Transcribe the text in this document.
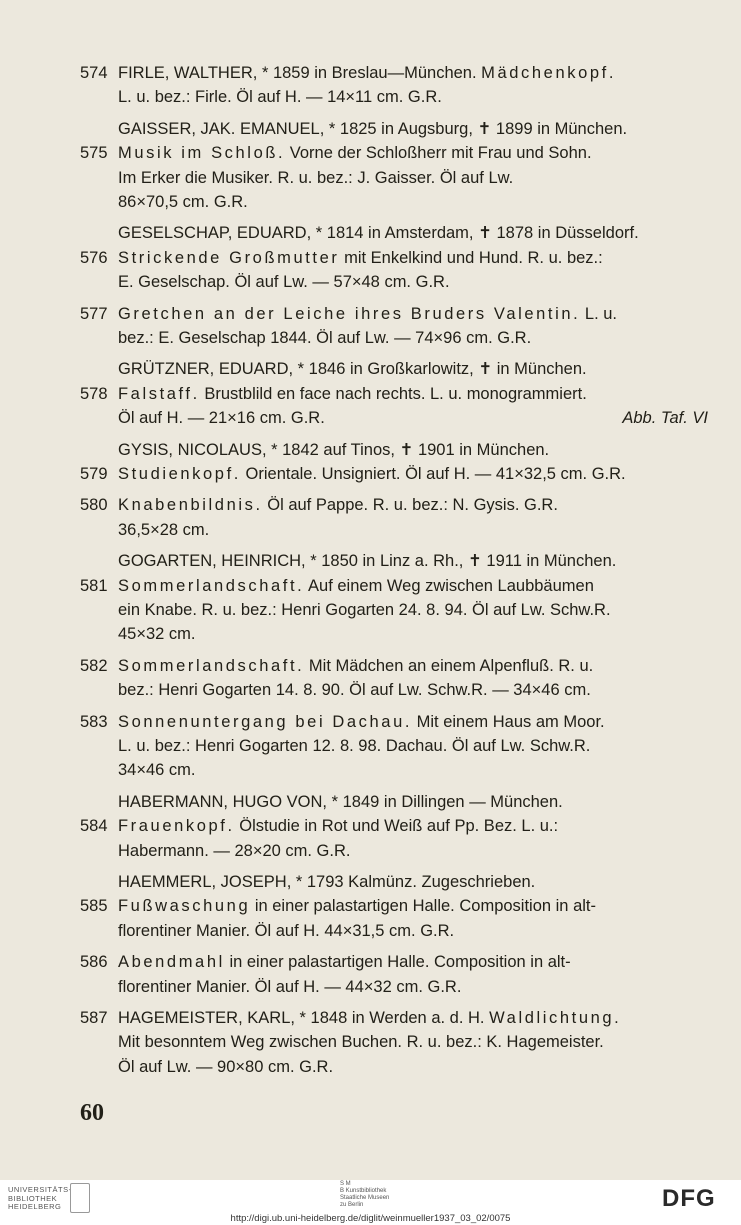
574 FIRLE, WALTHER, * 1859 in Breslau—München. Mädchenkopf.
L. u. bez.: Firle. Öl auf H. — 14×11 cm. G.R.
GAISSER, JAK. EMANUEL, * 1825 in Augsburg, ✝ 1899 in München.
575 Musik im Schloß. Vorne der Schloßherr mit Frau und Sohn.
Im Erker die Musiker. R. u. bez.: J. Gaisser. Öl auf Lw.
86×70,5 cm. G.R.
GESELSCHAP, EDUARD, * 1814 in Amsterdam, ✝ 1878 in Düsseldorf.
576 Strickende Großmutter mit Enkelkind und Hund. R. u. bez.:
E. Geselschap. Öl auf Lw. — 57×48 cm. G.R.
577 Gretchen an der Leiche ihres Bruders Valentin. L. u.
bez.: E. Geselschap 1844. Öl auf Lw. — 74×96 cm. G.R.
GRÜTZNER, EDUARD, * 1846 in Großkarlowitz, ✝ in München.
578 Falstaff. Brustblild en face nach rechts. L. u. monogrammiert.
Öl auf H. — 21×16 cm. G.R.	Abb. Taf. VI
GYSIS, NICOLAUS, * 1842 auf Tinos, ✝ 1901 in München.
579 Studienkopf. Orientale. Unsigniert. Öl auf H. — 41×32,5 cm. G.R.
580 Knabenbildnis. Öl auf Pappe. R. u. bez.: N. Gysis. G.R.
36,5×28 cm.
GOGARTEN, HEINRICH, * 1850 in Linz a. Rh., ✝ 1911 in München.
581 Sommerlandschaft. Auf einem Weg zwischen Laubbäumen
ein Knabe. R. u. bez.: Henri Gogarten 24. 8. 94. Öl auf Lw. Schw.R.
45×32 cm.
582 Sommerlandschaft. Mit Mädchen an einem Alpenfluß. R. u.
bez.: Henri Gogarten 14. 8. 90. Öl auf Lw. Schw.R. — 34×46 cm.
583 Sonnenuntergang bei Dachau. Mit einem Haus am Moor.
L. u. bez.: Henri Gogarten 12. 8. 98. Dachau. Öl auf Lw. Schw.R.
34×46 cm.
HABERMANN, HUGO VON, * 1849 in Dillingen — München.
584 Frauenkopf. Ölstudie in Rot und Weiß auf Pp. Bez. L. u.:
Habermann. — 28×20 cm. G.R.
HAEMMERL, JOSEPH, * 1793 Kalmünz. Zugeschrieben.
585 Fußwaschung in einer palastartigen Halle. Composition in alt-
florentiner Manier. Öl auf H. 44×31,5 cm. G.R.
586 Abendmahl in einer palastartigen Halle. Composition in alt-
florentiner Manier. Öl auf H. — 44×32 cm. G.R.
587 HAGEMEISTER, KARL, * 1848 in Werden a. d. H. Waldlichtung.
Mit besonntem Weg zwischen Buchen. R. u. bez.: K. Hagemeister.
Öl auf Lw. — 90×80 cm. G.R.
60
UNIVERSITÄTS-
BIBLIOTHEK
HEIDELBERG
S M
B Kunstbibliothek
Staatliche Museen
zu Berlin	DFG
http://digi.ub.uni-heidelberg.de/diglit/weinmueller1937_03_02/0075
